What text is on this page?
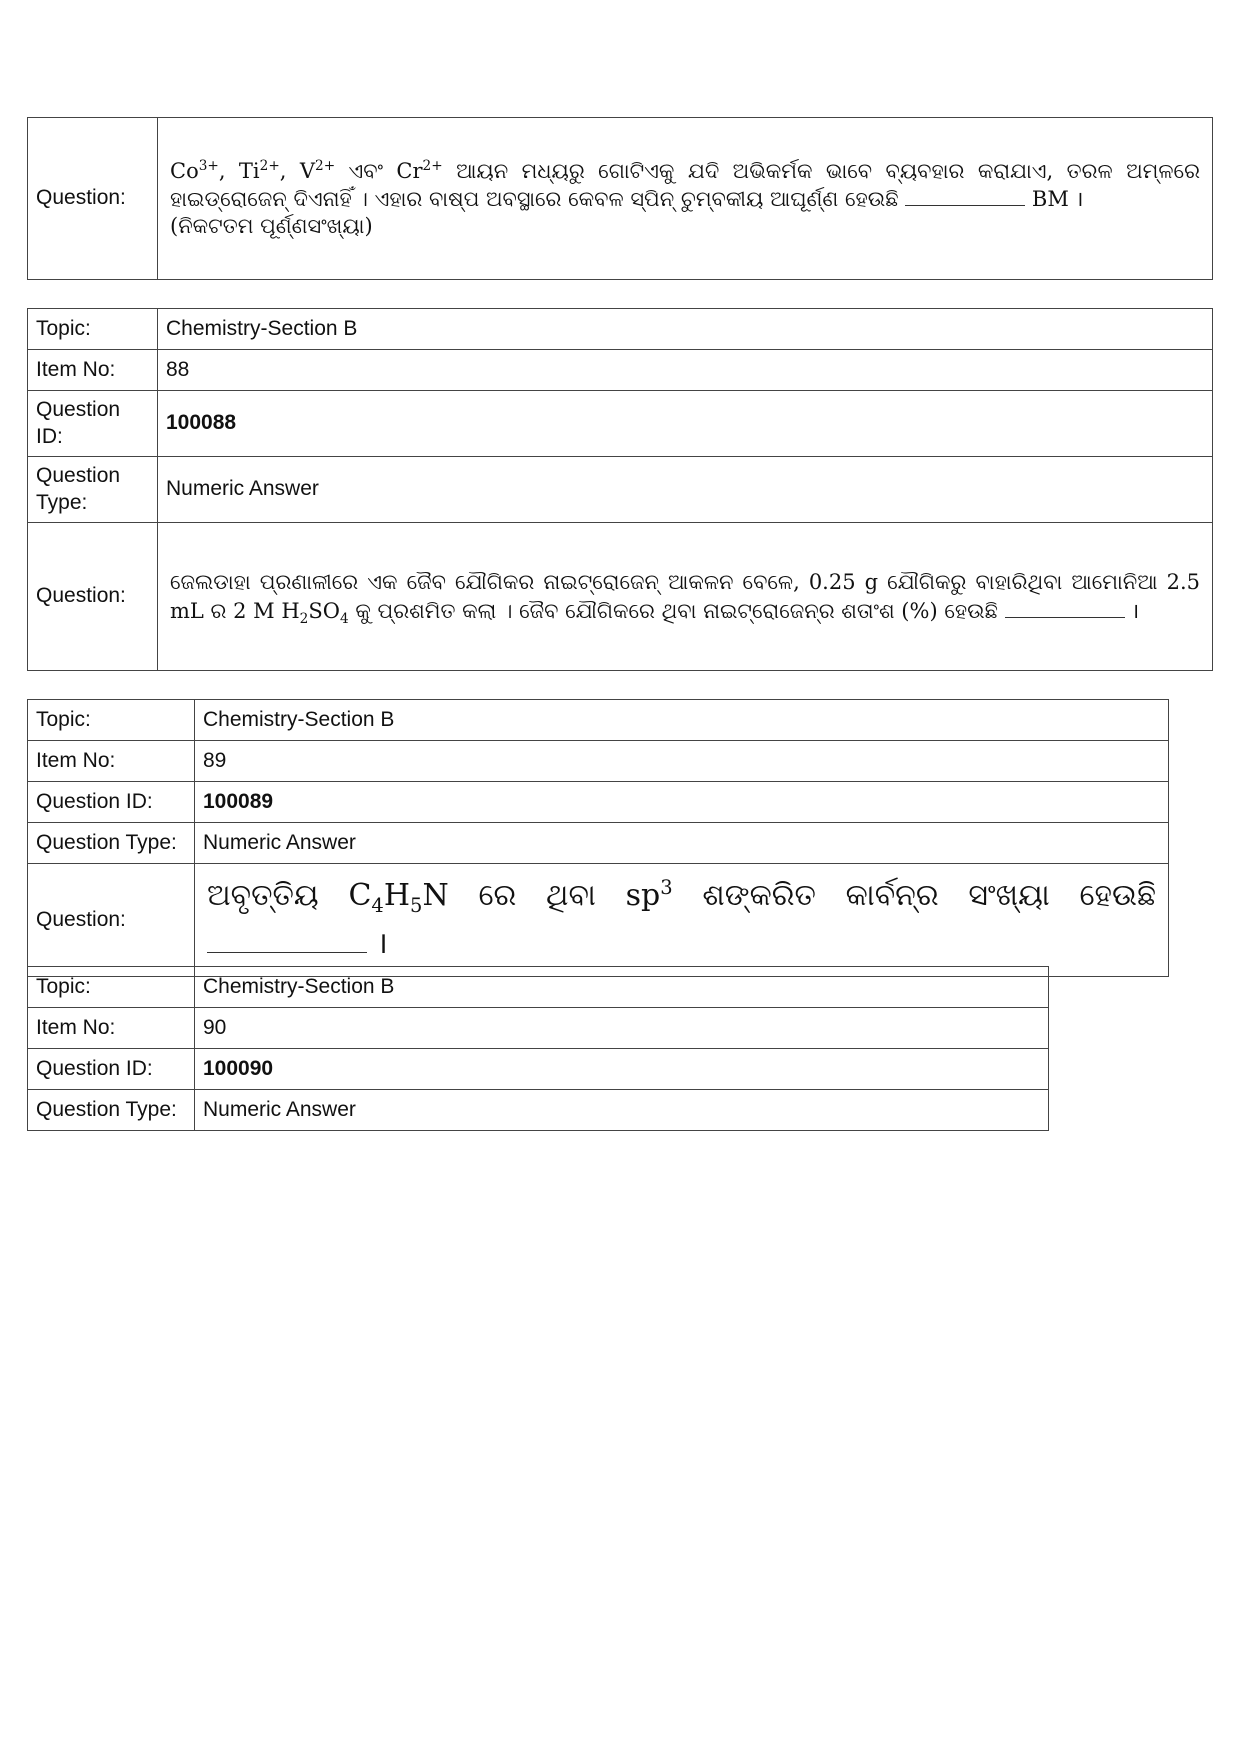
Question:	$Co^{3+}$, $Ti^{2+}$, $V^{2+}$ ଏବଂ $Cr^{2+}$ ଆୟନ ମଧ୍ୟରୁ ଗୋଟିଏକୁ ଯଦି ଅଭିକର୍ମକ ଭାବେ ବ୍ୟବହାର କରାଯାଏ, ତରଳ ଅମ୍ଳରେ ହାଇଡ୍ରୋଜେନ୍ ଦିଏନାହିଁ । ଏହାର ବାଷ୍ପ ଅବସ୍ଥାରେ କେବଳ ସ୍ପିନ୍ ଚୁମ୍ବକୀୟ ଆଘୂର୍ଣ୍ଣ ହେଉଛି	BM ।
(ନିକଟତମ ପୂର୍ଣ୍ଣସଂଖ୍ୟା)
Topic:	Chemistry-Section B
Item No:	88
Question ID:	100088
Question Type:	Numeric Answer
Question:	ଜେଲଡାହା ପ୍ରଣାଳୀରେ ଏକ ଜୈବ ଯୌଗିକର ନାଇଟ୍ରୋଜେନ୍ ଆକଳନ ବେଳେ, 0.25 g ଯୌଗିକରୁ ବାହାରିଥିବା ଆମୋନିଆ 2.5 mL ର 2 M $H_2SO_4$ କୁ ପ୍ରଶମିତ କଲା । ଜୈବ ଯୌଗିକରେ ଥିବା ନାଇଟ୍ରୋଜେନ୍‌ର ଶତାଂଶ (%) ହେଉଛି ।
Topic:	Chemistry-Section B
Item No:	89
Question ID:	100089
Question Type:	Numeric Answer
Question:	ଅବୃତ୍ତିୟ $C_4H_5N$ ରେ ଥିବା $sp^3$ ଶଙ୍କରିତ କାର୍ବନ୍‌ର ସଂଖ୍ୟା ହେଉଛି  ।
Topic:	Chemistry-Section B
Item No:	90
Question ID:	100090
Question Type:	Numeric Answer
